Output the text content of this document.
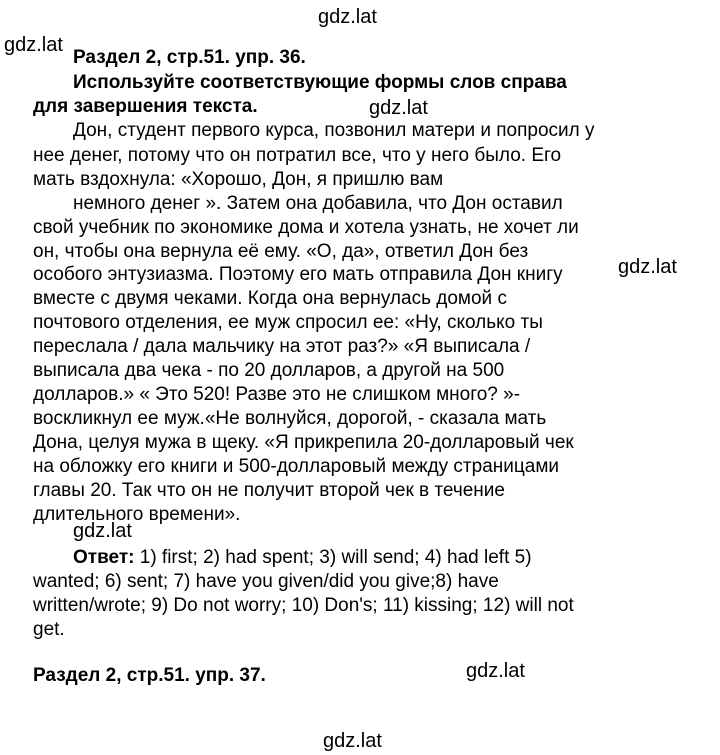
gdz.lat
gdz.lat
gdz.lat
gdz.lat
gdz.lat
gdz.lat
gdz.lat
Раздел 2, стр.51. упр. 36.
Используйте соответствующие формы слов справа
для завершения текста.
Дон, студент первого курса, позвонил матери и попросил у
нее денег, потому что он потратил все, что у него было. Его
мать вздохнула: «Хорошо, Дон, я пришлю вам
немного денег ». Затем она добавила, что Дон оставил
свой учебник по экономике дома и хотела узнать, не хочет ли
он, чтобы она вернула её ему. «О, да», ответил Дон без
особого энтузиазма. Поэтому его мать отправила Дон книгу
вместе с двумя чеками. Когда она вернулась домой с
почтового отделения, ее муж спросил ее: «Ну, сколько ты
переслала / дала мальчику на этот раз?» «Я выписала /
выписала два чека - по 20 долларов, а другой на 500
долларов.» « Это 520! Разве это не слишком много? »-
воскликнул ее муж.«Не волнуйся, дорогой, - сказала мать
Дона, целуя мужа в щеку. «Я прикрепила 20-долларовый чек
на обложку его книги и 500-долларовый между страницами
главы 20. Так что он не получит второй чек в течение
длительного времени».
Ответ: 1) first; 2) had spent; 3) will send; 4) had left 5)
wanted; 6) sent; 7) have you given/did you give;8) have
written/wrote; 9) Do not worry; 10) Don's; 11) kissing; 12) will not
get.
Раздел 2, стр.51. упр. 37.
